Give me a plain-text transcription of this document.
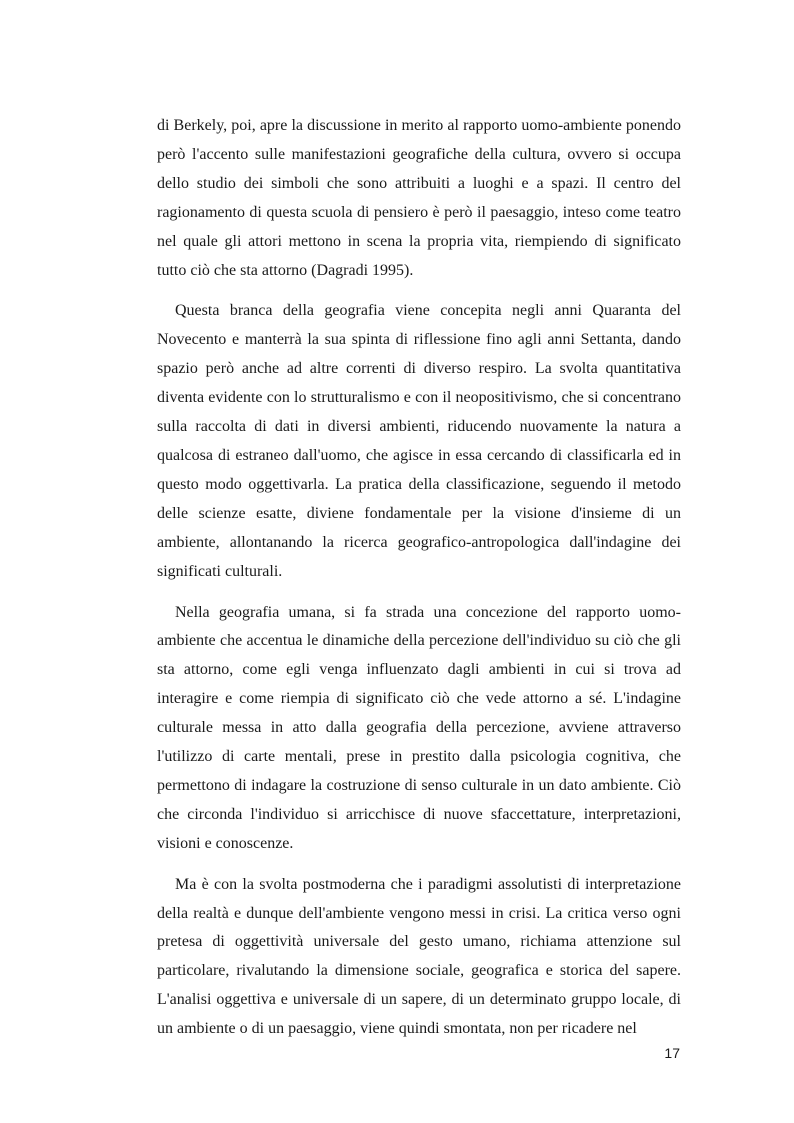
di Berkely, poi, apre la discussione in merito al rapporto uomo-ambiente ponendo però l'accento sulle manifestazioni geografiche della cultura, ovvero si occupa dello studio dei simboli che sono attribuiti a luoghi e a spazi. Il centro del ragionamento di questa scuola di pensiero è però il paesaggio, inteso come teatro nel quale gli attori mettono in scena la propria vita, riempiendo di significato tutto ciò che sta attorno (Dagradi 1995).

Questa branca della geografia viene concepita negli anni Quaranta del Novecento e manterrà la sua spinta di riflessione fino agli anni Settanta, dando spazio però anche ad altre correnti di diverso respiro. La svolta quantitativa diventa evidente con lo strutturalismo e con il neopositivismo, che si concentrano sulla raccolta di dati in diversi ambienti, riducendo nuovamente la natura a qualcosa di estraneo dall'uomo, che agisce in essa cercando di classificarla ed in questo modo oggettivarla. La pratica della classificazione, seguendo il metodo delle scienze esatte, diviene fondamentale per la visione d'insieme di un ambiente, allontanando la ricerca geografico-antropologica dall'indagine dei significati culturali.

Nella geografia umana, si fa strada una concezione del rapporto uomo-ambiente che accentua le dinamiche della percezione dell'individuo su ciò che gli sta attorno, come egli venga influenzato dagli ambienti in cui si trova ad interagire e come riempia di significato ciò che vede attorno a sé. L'indagine culturale messa in atto dalla geografia della percezione, avviene attraverso l'utilizzo di carte mentali, prese in prestito dalla psicologia cognitiva, che permettono di indagare la costruzione di senso culturale in un dato ambiente. Ciò che circonda l'individuo si arricchisce di nuove sfaccettature, interpretazioni, visioni e conoscenze.

Ma è con la svolta postmoderna che i paradigmi assolutisti di interpretazione della realtà e dunque dell'ambiente vengono messi in crisi. La critica verso ogni pretesa di oggettività universale del gesto umano, richiama attenzione sul particolare, rivalutando la dimensione sociale, geografica e storica del sapere. L'analisi oggettiva e universale di un sapere, di un determinato gruppo locale, di un ambiente o di un paesaggio, viene quindi smontata, non per ricadere nel

17
